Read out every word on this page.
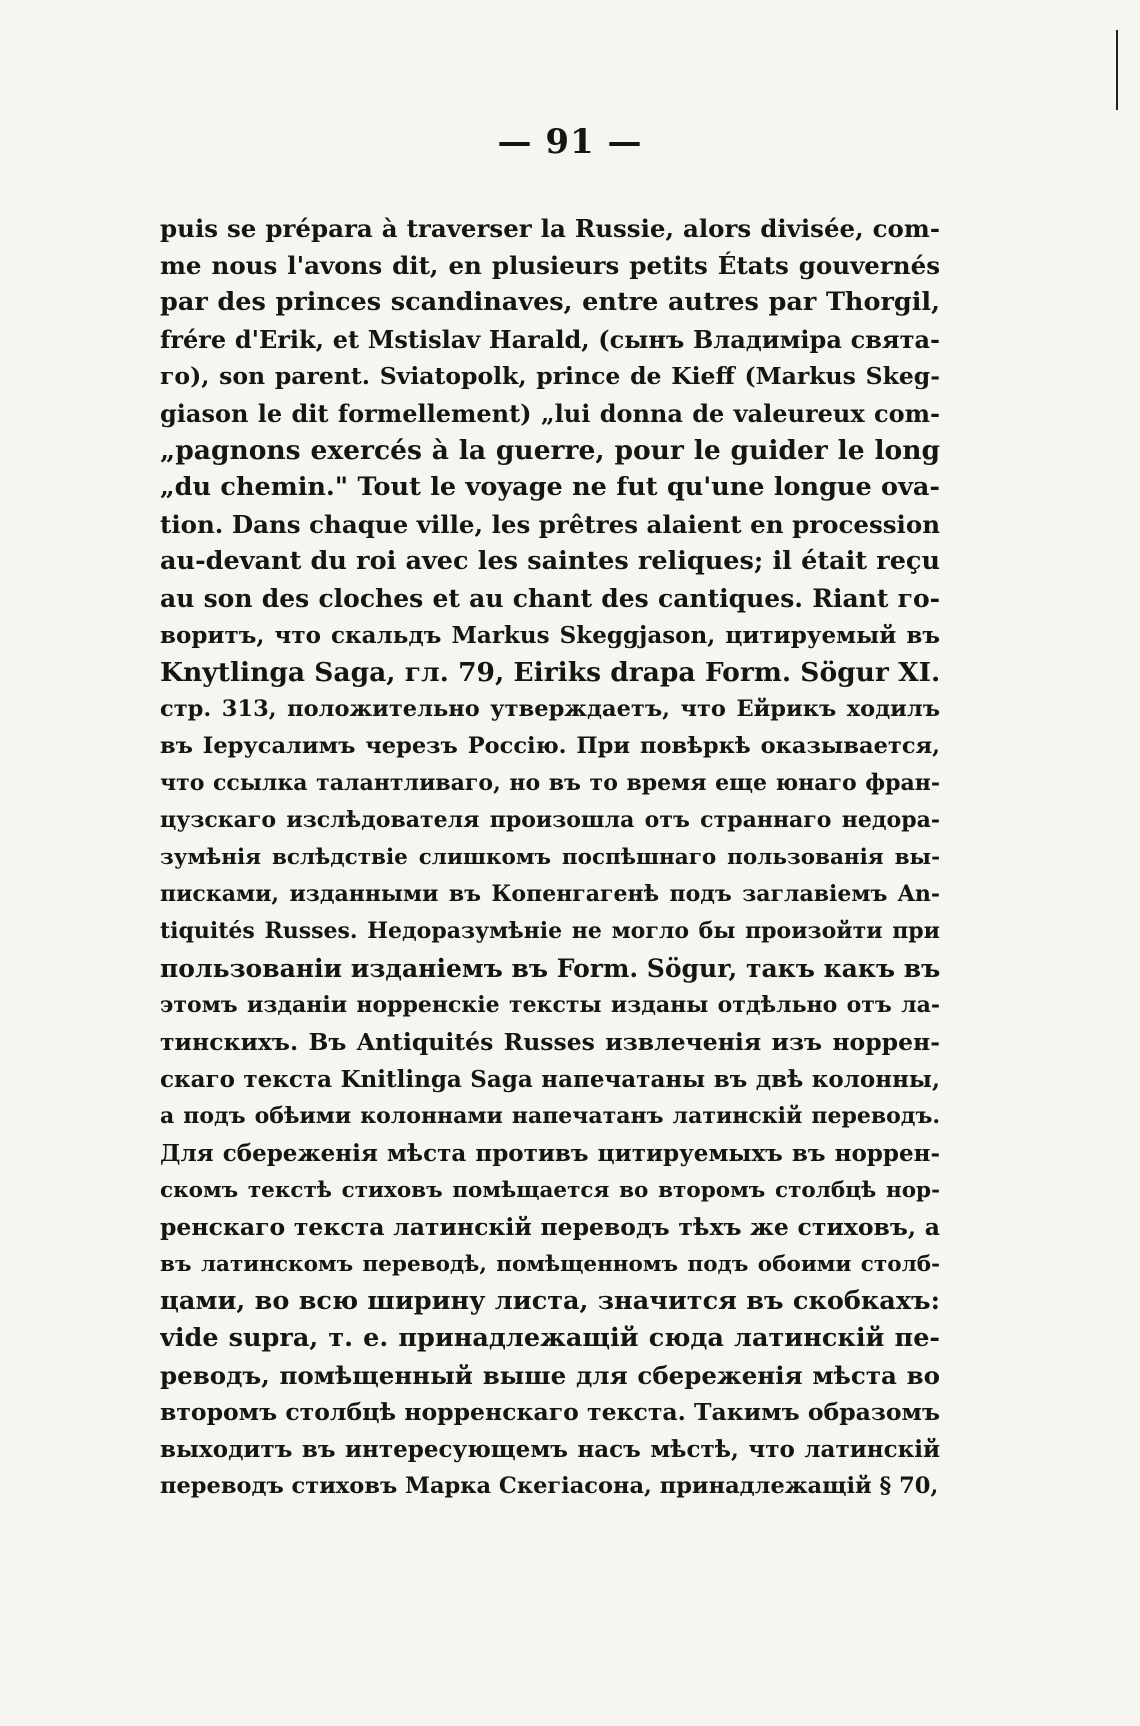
— 91 —
puis se prépara à traverser la Russie, alors divisée, com-
me nous l'avons dit, en plusieurs petits États gouvernés
par des princes scandinaves, entre autres par Thorgil,
frére d'Erik, et Mstislav Harald, (сынъ Владиміра свята-
го), son parent. Sviatopolk, prince de Kieff (Markus Skeg-
giason le dit formellement) „lui donna de valeureux com-
„pagnons exercés à la guerre, pour le guider le long
„du chemin." Tout le voyage ne fut qu'une longue ova-
tion. Dans chaque ville, les prêtres alaient en procession
au-devant du roi avec les saintes reliques; il était reçu
au son des cloches et au chant des cantiques. Riant го-
воритъ, что скальдъ Markus Skeggjason, цитируемый въ
Knytlinga Saga, гл. 79, Eiriks drapa Form. Sögur XI.
стр. 313, положительно утверждаетъ, что Eйрикъ ходилъ
въ Іерусалимъ черезъ Россію. При повѣркѣ оказывается,
что ссылка талантливаго, но въ то время еще юнаго фран-
цузскаго изслѣдователя произошла отъ страннаго недора-
зумѣнія вслѣдствіе слишкомъ поспѣшнаго пользованія вы-
писками, изданными въ Копенгагенѣ подъ заглавіемъ An-
tiquités Russes. Недоразумѣніе не могло бы произойти при
пользованіи изданіемъ въ Form. Sögur, такъ какъ въ
этомъ изданіи норренскіе тексты изданы отдѣльно отъ ла-
тинскихъ. Въ Antiquités Russes извлеченія изъ норрен-
скаго текста Knitlinga Saga напечатаны въ двѣ колонны,
а подъ обѣими колоннами напечатанъ латинскій переводъ.
Для сбереженія мѣста противъ цитируемыхъ въ норрен-
скомъ текстѣ стиховъ помѣщается во второмъ столбцѣ нор-
ренскаго текста латинскій переводъ тѣхъ же стиховъ, а
въ латинскомъ переводѣ, помѣщенномъ подъ обоими столб-
цами, во всю ширину листа, значится въ скобкахъ:
vide supra, т. е. принадлежащій сюда латинскій пе-
реводъ, помѣщенный выше для сбереженія мѣста во
второмъ столбцѣ норренскаго текста. Такимъ образомъ
выходитъ въ интересующемъ насъ мѣстѣ, что латинскій
переводъ стиховъ Марка Скегіасона, принадлежащій § 70,
